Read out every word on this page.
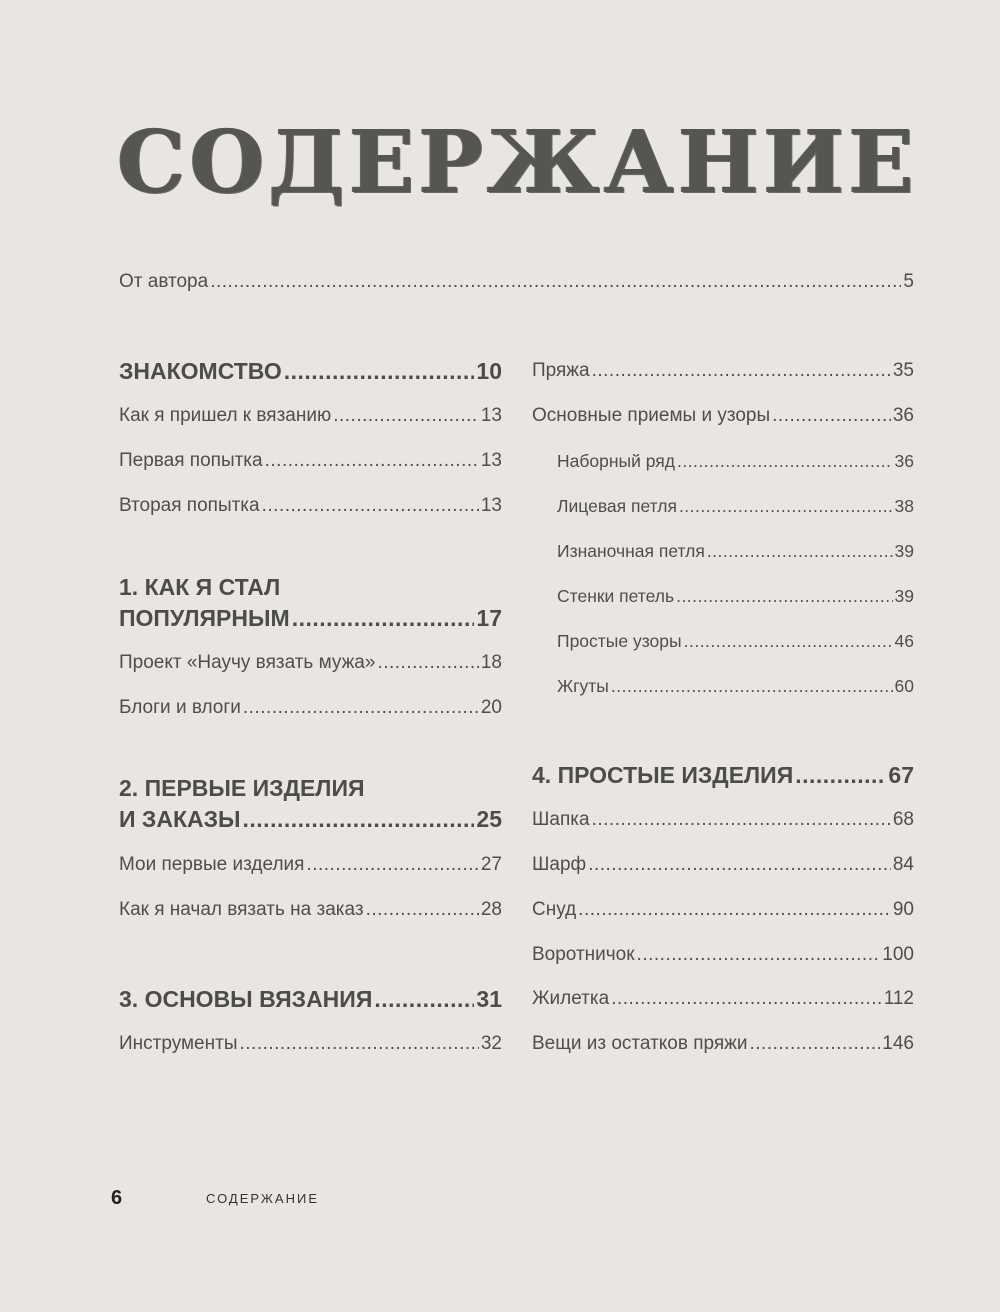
СОДЕРЖАНИЕ
От автора .....	5
ЗНАКОМСТВО .....	10
Как я пришел к вязанию .....	13
Первая попытка .....	13
Вторая попытка .....	13
1. КАК Я СТАЛ
ПОПУЛЯРНЫМ .....	17
Проект «Научу вязать мужа» .....	18
Блоги и влоги .....	20
2. ПЕРВЫЕ ИЗДЕЛИЯ
И ЗАКАЗЫ .....	25
Мои первые изделия .....	27
Как я начал вязать на заказ .....	28
3. ОСНОВЫ ВЯЗАНИЯ .....	31
Инструменты .....	32
Пряжа .....	35
Основные приемы и узоры .....	36
Наборный ряд .....	36
Лицевая петля .....	38
Изнаночная петля .....	39
Стенки петель .....	39
Простые узоры .....	46
Жгуты .....	60
4. ПРОСТЫЕ ИЗДЕЛИЯ .....	67
Шапка .....	68
Шарф .....	84
Снуд .....	90
Воротничок .....	100
Жилетка .....	112
Вещи из остатков пряжи .....	146
6	СОДЕРЖАНИЕ
